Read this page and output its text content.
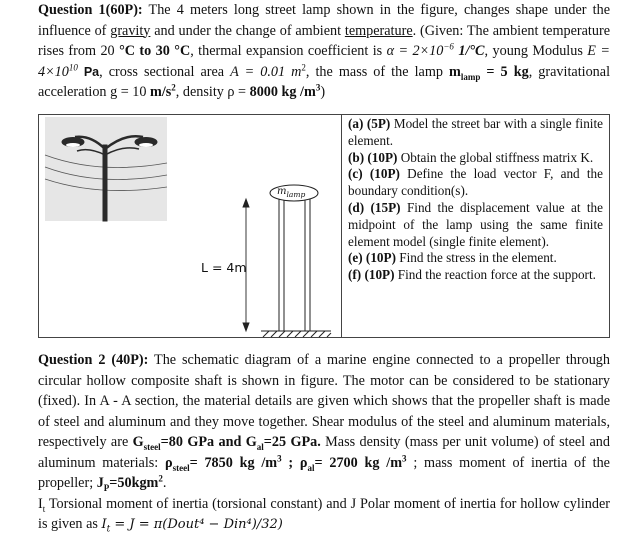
Question 1(60P): The 4 meters long street lamp shown in the figure, changes shape under the influence of gravity and under the change of ambient temperature. (Given: The ambient temperature rises from 20 °C to 30 °C, thermal expansion coefficient is $\alpha = 2\times 10^{-6}$ 1/°C, young Modulus $E = 4\times 10^{10}$ Pa, cross sectional area A = 0.01 $m^2$, the mass of the lamp $m_{lamp} = 5$ kg, gravitational acceleration g = 10 $m/s^2$, density ρ = 8000 kg $/m^3$)
L = 4m
$m_{lamp}$

(a) (5P) Model the street bar with a single finite element.
(b) (10P) Obtain the global stiffness matrix K.
(c) (10P) Define the load vector F, and the boundary condition(s).
(d) (15P) Find the displacement value at the midpoint of the lamp using the same finite element model (single finite element).
(e) (10P) Find the stress in the element.
(f) (10P) Find the reaction force at the support.
Question 2 (40P): The schematic diagram of a marine engine connected to a propeller through circular hollow composite shaft is shown in figure. The motor can be considered to be stationary (fixed). In A - A section, the material details are given which shows that the propeller shaft is made of steel and aluminum and they move together. Shear modulus of the steel and aluminum materials, respectively are $G_{steel}=80$ GPa and $G_{al}=25$ GPa. Mass density (mass per unit volume) of steel and aluminum materials: $\rho_{steel}= 7850$ kg $/m^3$ ; $\rho_{al}= 2700$ kg $/m^3$ ; mass moment of inertia of the propeller; $J_P=50kgm^2$.
$I_t$ Torsional moment of inertia (torsional constant) and J Polar moment of inertia for hollow cylinder is given as $I_t = J$ = π(Dout⁴ − Din⁴)/32)
